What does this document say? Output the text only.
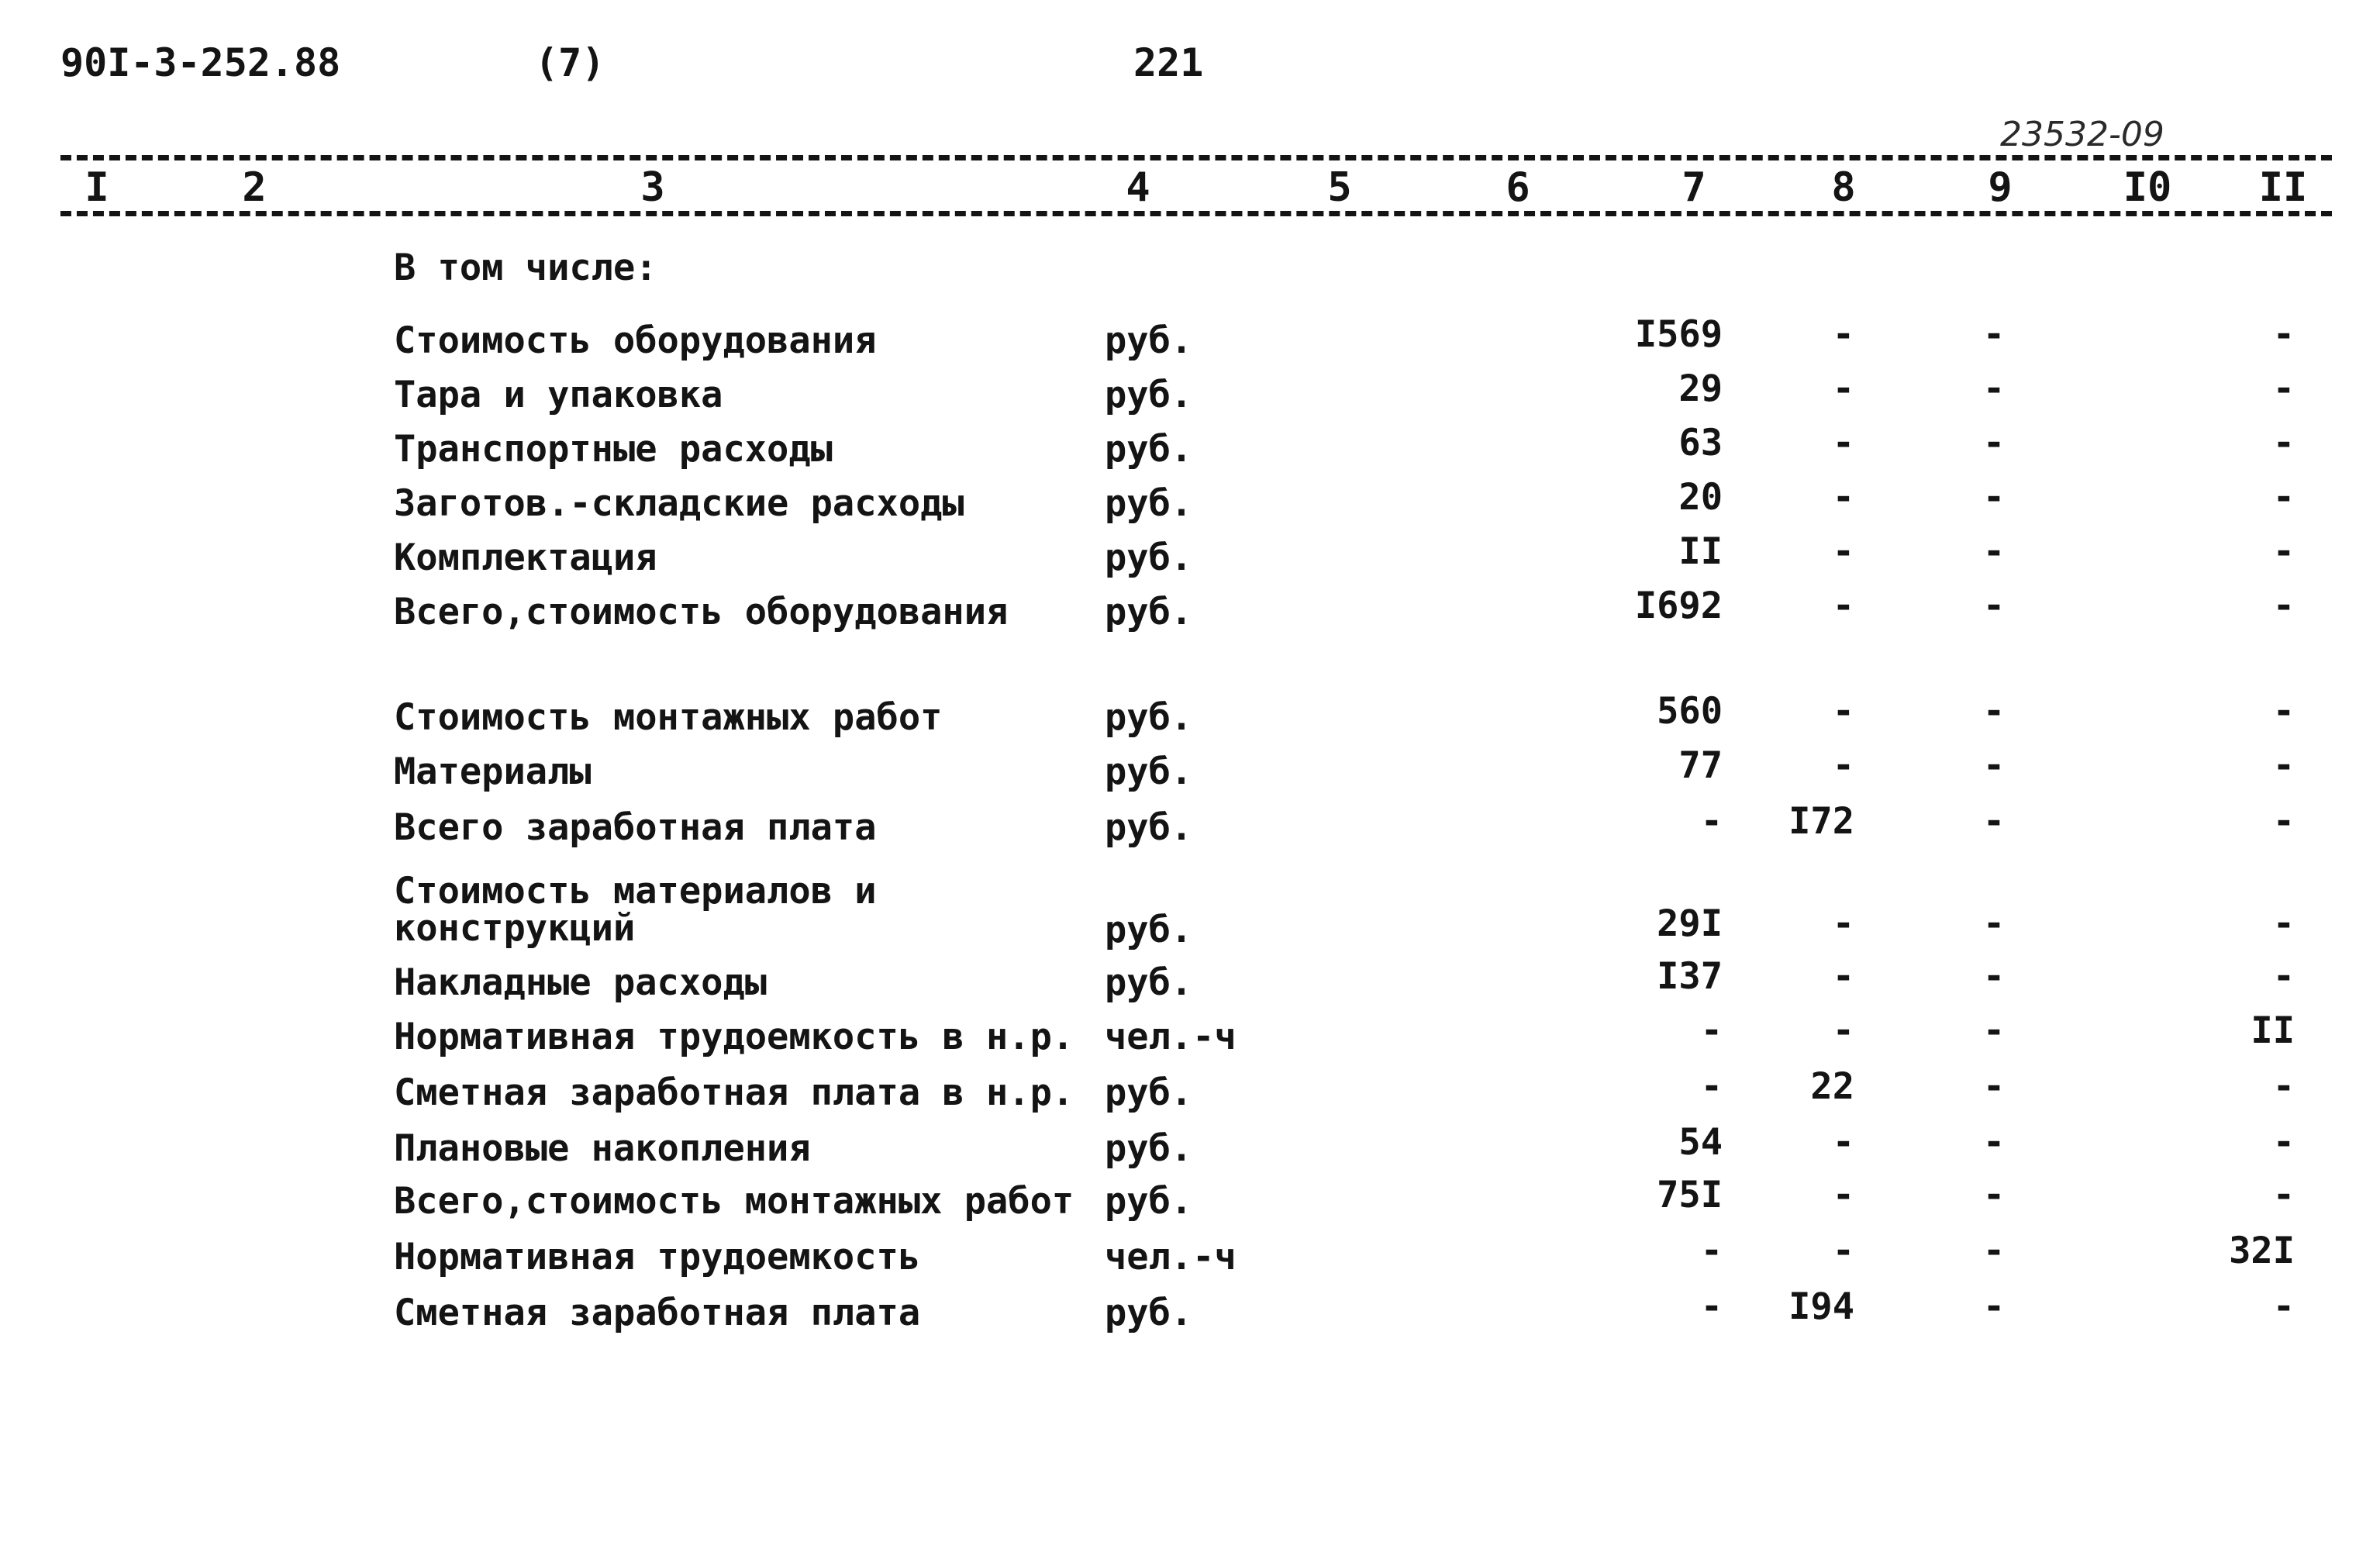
90I-3-252.88	(7)	221
23532-09
I	2	3	4	5	6	7	8	9	I0 II
В том числе:
Стоимость оборудования	руб.	I569	-	-	-
Тара и упаковка	руб.	29	-	-	-
Транспортные расходы	руб.	63	-	-	-
Заготов.-складские расходы	руб.	20	-	-	-
Комплектация	руб.	II	-	-	-
Всего,стоимость оборудования	руб.	I692	-	-	-
Стоимость монтажных работ	руб.	560	-	-	-
Материалы	руб.	77	-	-	-
Всего заработная плата	руб.	-	I72	-	-
Стоимость материалов и
конструкций	руб.	29I	-	-	-
Накладные расходы	руб.	I37	-	-	-
Нормативная трудоемкость в н.р. чел.-ч	-	-	-	II
Сметная заработная плата в н.р. руб.	-	22	-	-
Плановые накопления	руб.	54	-	-	-
Всего,стоимость монтажных работ руб.	75I	-	-	-
Нормативная трудоемкость	чел.-ч	-	-	-	32I
Сметная заработная плата	руб.	-	I94	-	-
